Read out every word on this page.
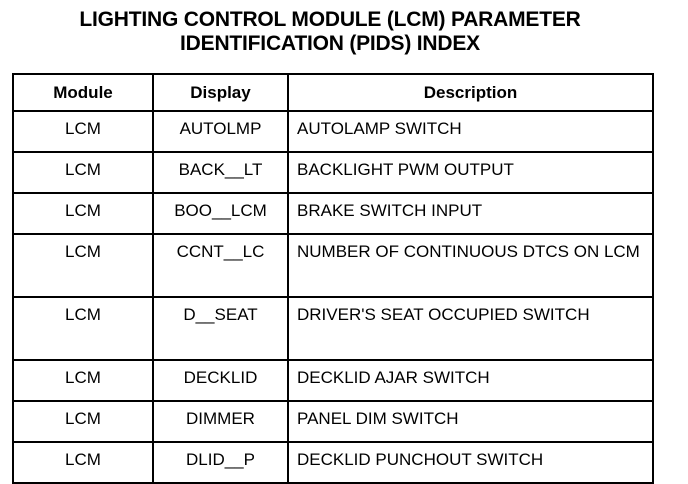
LIGHTING CONTROL MODULE (LCM) PARAMETER
IDENTIFICATION (PIDS) INDEX
Module	Display	Description
LCM	AUTOLMP	AUTOLAMP SWITCH
LCM	BACK__LT	BACKLIGHT PWM OUTPUT
LCM	BOO__LCM	BRAKE SWITCH INPUT
LCM	CCNT__LC	NUMBER OF CONTINUOUS DTCS ON LCM
LCM	D__SEAT	DRIVER'S SEAT OCCUPIED SWITCH
LCM	DECKLID	DECKLID AJAR SWITCH
LCM	DIMMER	PANEL DIM SWITCH
LCM	DLID__P	DECKLID PUNCHOUT SWITCH
